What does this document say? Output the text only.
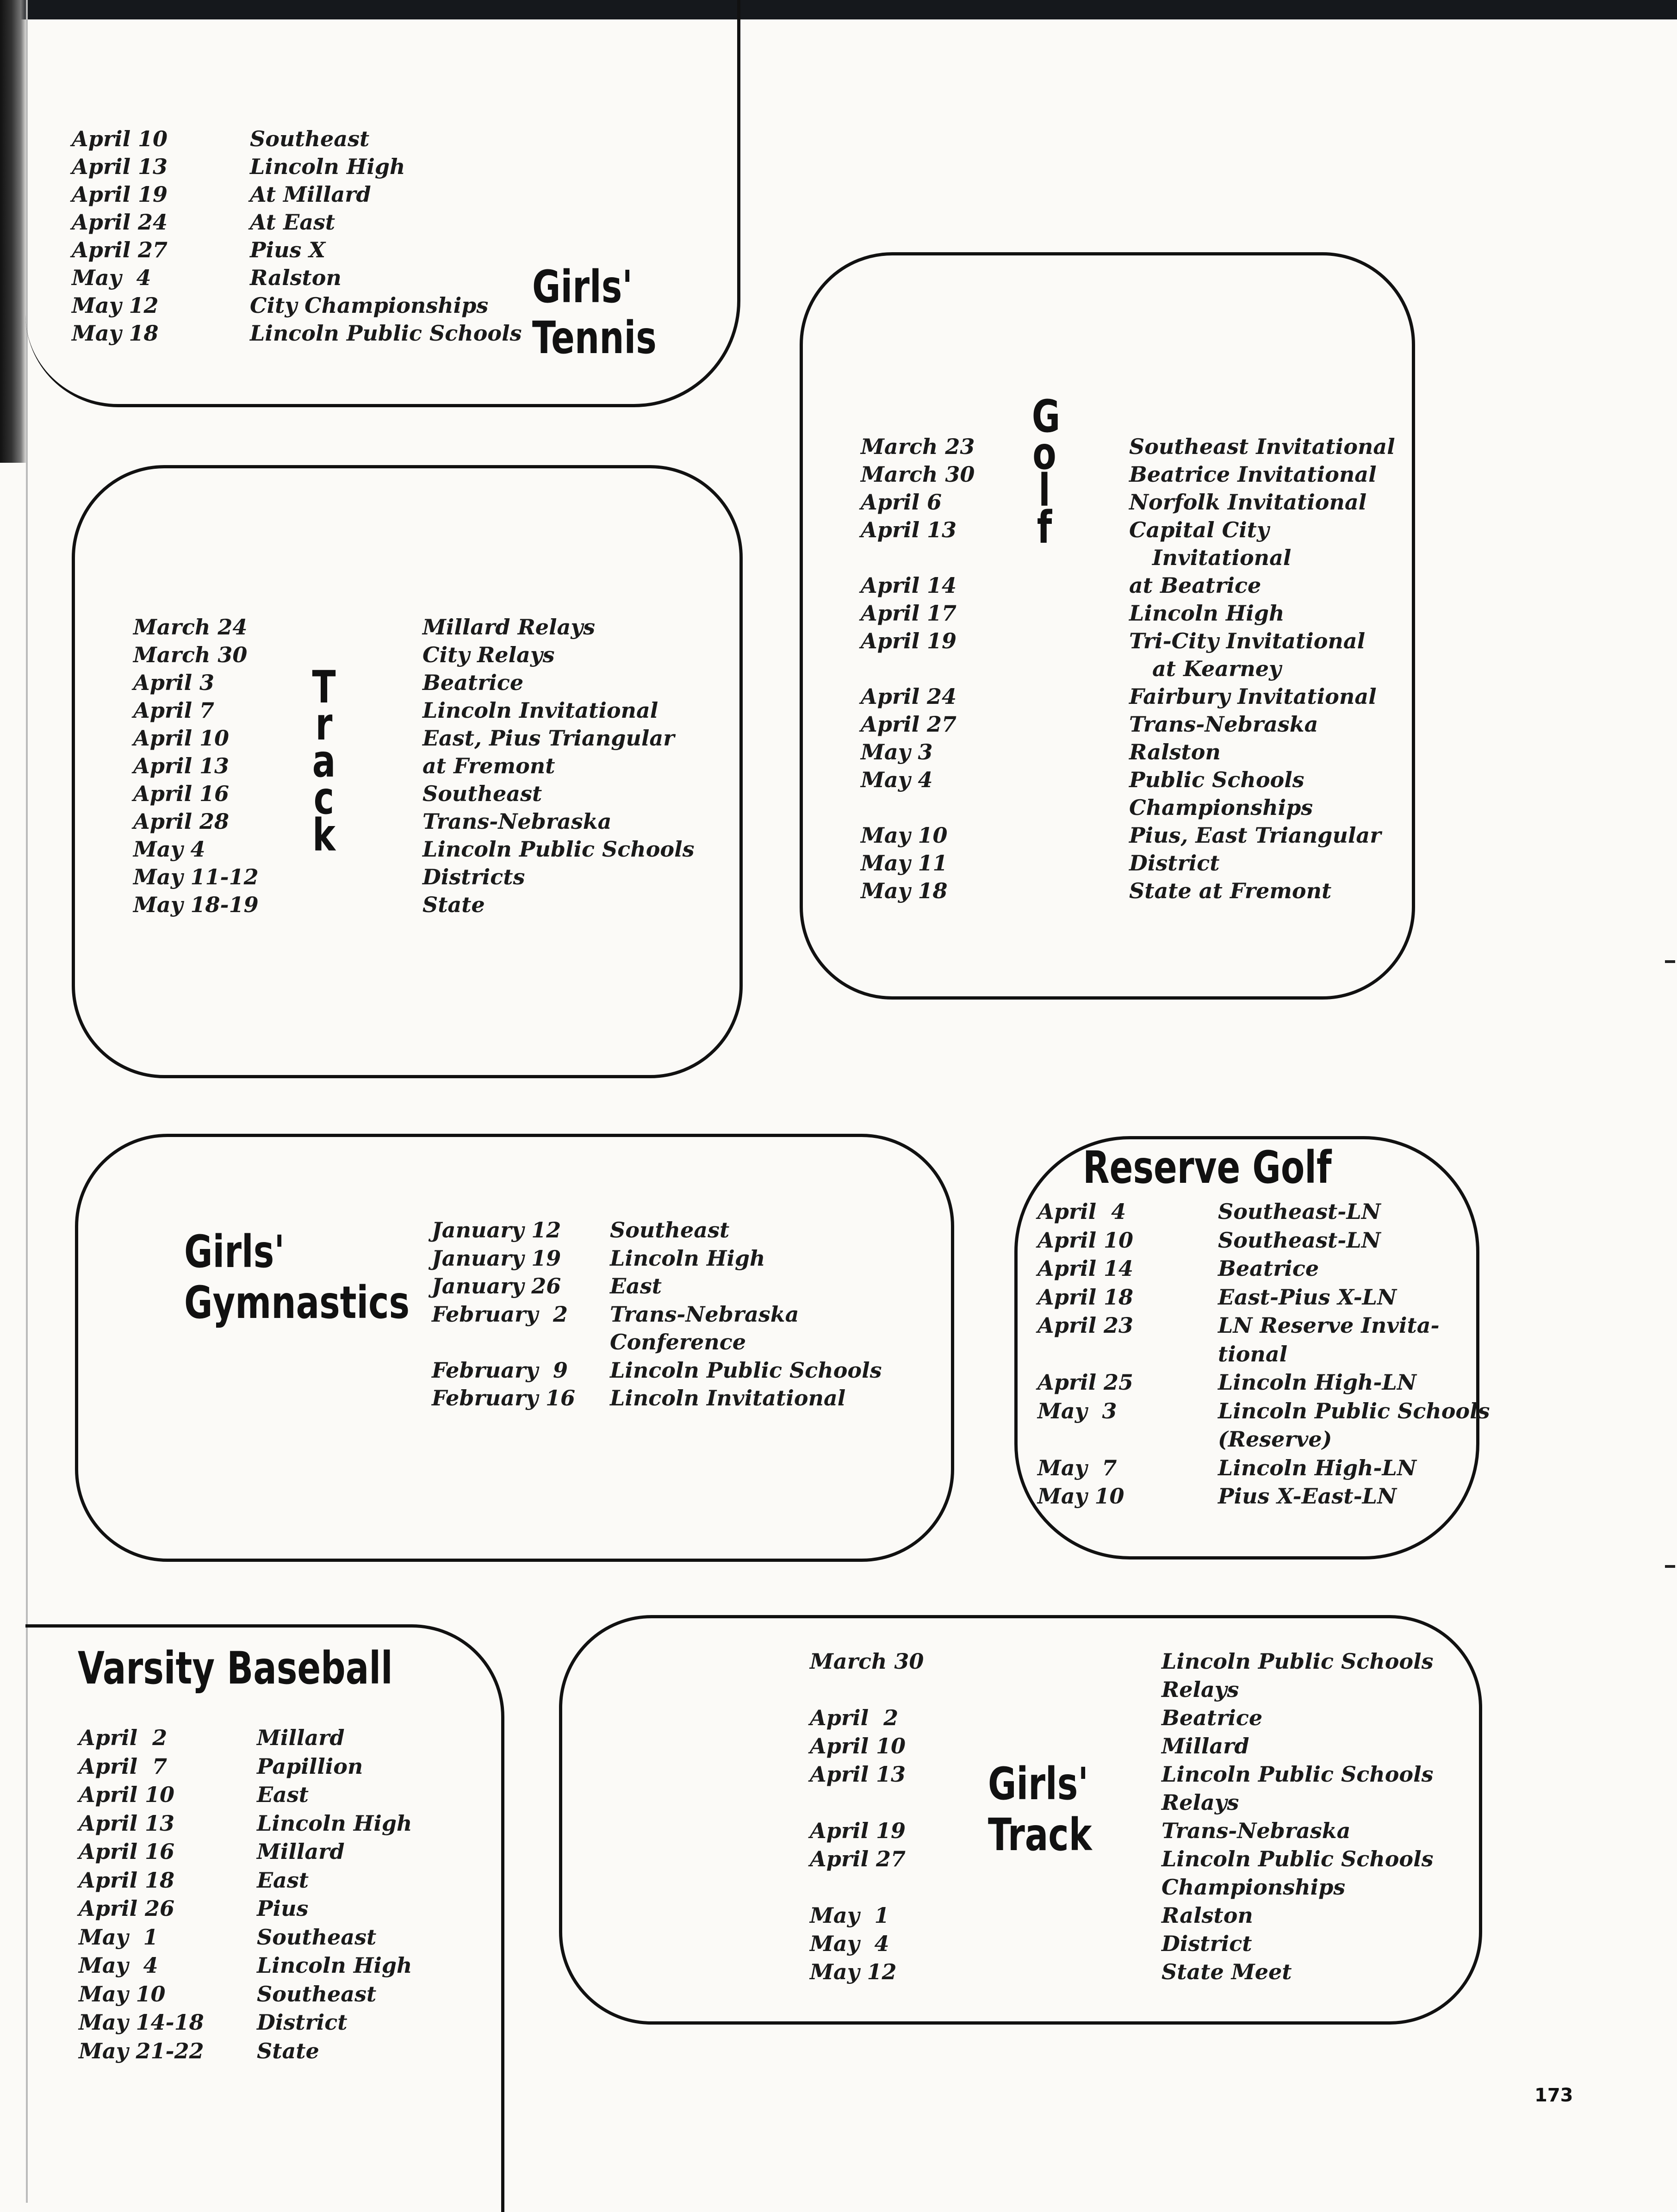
Girls'
Tennis
G
o
l
f
T
r
a
c
k
Girls'
Gymnastics
Reserve Golf
Varsity Baseball
Girls'
Track
April 10	Southeast
April 13	Lincoln High
April 19	At Millard
April 24	At East
April 27	Pius X
May  4	Ralston
May 12	City Championships
May 18	Lincoln Public Schools
March 23	Southeast Invitational
March 30	Beatrice Invitational
April 6	Norfolk Invitational
April 13	Capital City
Invitational
April 14	at Beatrice
April 17	Lincoln High
April 19	Tri-City Invitational
at Kearney
April 24	Fairbury Invitational
April 27	Trans-Nebraska
May 3	Ralston
May 4	Public Schools
Championships
May 10	Pius, East Triangular
May 11	District
May 18	State at Fremont
March 24	Millard Relays
March 30	City Relays
April 3	Beatrice
April 7	Lincoln Invitational
April 10	East, Pius Triangular
April 13	at Fremont
April 16	Southeast
April 28	Trans-Nebraska
May 4	Lincoln Public Schools
May 11-12	Districts
May 18-19	State
January 12 Southeast
January 19 Lincoln High
January 26 East
February  2 Trans-Nebraska
Conference
February  9 Lincoln Public Schools
February 16 Lincoln Invitational
April  4	Southeast-LN
April 10	Southeast-LN
April 14	Beatrice
April 18	East-Pius X-LN
April 23	LN Reserve Invita-
tional
April 25	Lincoln High-LN
May  3	Lincoln Public Schools
(Reserve)
May  7	Lincoln High-LN
May 10	Pius X-East-LN
April  2	Millard
April  7	Papillion
April 10	East
April 13	Lincoln High
April 16	Millard
April 18	East
April 26	Pius
May  1	Southeast
May  4	Lincoln High
May 10	Southeast
May 14-18 District
May 21-22 State
March 30	Lincoln Public Schools
Relays
April  2	Beatrice
April 10	Millard
April 13	Lincoln Public Schools
Relays
April 19	Trans-Nebraska
April 27	Lincoln Public Schools
Championships
May  1	Ralston
May  4	District
May 12	State Meet
173
